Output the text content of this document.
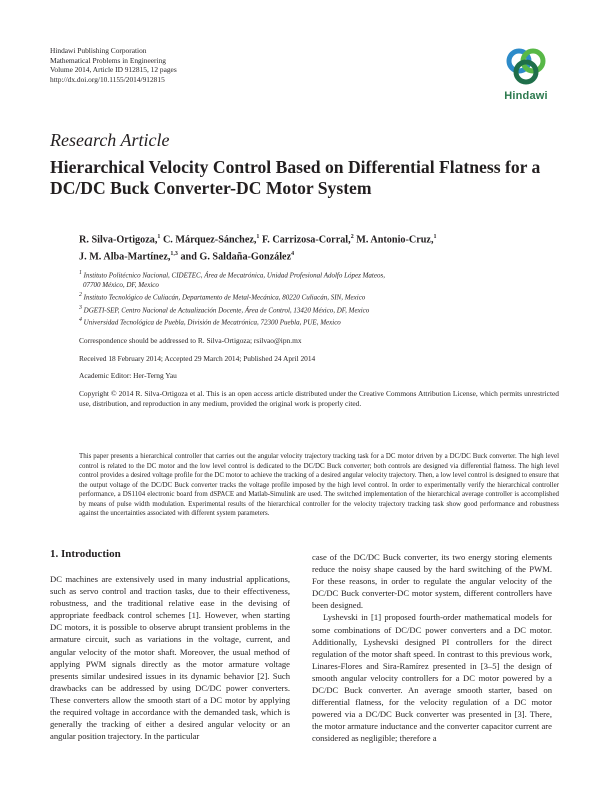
Hindawi Publishing Corporation
Mathematical Problems in Engineering
Volume 2014, Article ID 912815, 12 pages
http://dx.doi.org/10.1155/2014/912815
Hindawi
Research Article
Hierarchical Velocity Control Based on Differential Flatness for a DC/DC Buck Converter-DC Motor System
R. Silva-Ortigoza,$^1$ C. Márquez-Sánchez,$^1$ F. Carrizosa-Corral,$^2$ M. Antonio-Cruz,$^1$
J. M. Alba-Martínez,$^{1,3}$ and G. Saldaña-González$^4$
$^1$ Instituto Politécnico Nacional, CIDETEC, Área de Mecatrónica, Unidad Profesional Adolfo López Mateos,
07700 México, DF, Mexico
$^2$ Instituto Tecnológico de Culiacán, Departamento de Metal-Mecánica, 80220 Culiacán, SIN, Mexico
$^3$ DGETI-SEP, Centro Nacional de Actualización Docente, Área de Control, 13420 México, DF, Mexico
$^4$ Universidad Tecnológica de Puebla, División de Mecatrónica, 72300 Puebla, PUE, Mexico
Correspondence should be addressed to R. Silva-Ortigoza; rsilvao@ipn.mx
Received 18 February 2014; Accepted 29 March 2014; Published 24 April 2014
Academic Editor: Her-Terng Yau
Copyright © 2014 R. Silva-Ortigoza et al. This is an open access article distributed under the Creative Commons Attribution License, which permits unrestricted use, distribution, and reproduction in any medium, provided the original work is properly cited.
This paper presents a hierarchical controller that carries out the angular velocity trajectory tracking task for a DC motor driven by a DC/DC Buck converter. The high level control is related to the DC motor and the low level control is dedicated to the DC/DC Buck converter; both controls are designed via differential flatness. The high level control provides a desired voltage profile for the DC motor to achieve the tracking of a desired angular velocity trajectory. Then, a low level control is designed to ensure that the output voltage of the DC/DC Buck converter tracks the voltage profile imposed by the high level control. In order to experimentally verify the hierarchical controller performance, a DS1104 electronic board from dSPACE and Matlab-Simulink are used. The switched implementation of the hierarchical average controller is accomplished by means of pulse width modulation. Experimental results of the hierarchical controller for the velocity trajectory tracking task show good performance and robustness against the uncertainties associated with different system parameters.
1. Introduction

DC machines are extensively used in many industrial applications, such as servo control and traction tasks, due to their effectiveness, robustness, and the traditional relative ease in the devising of appropriate feedback control schemes [1]. However, when starting DC motors, it is possible to observe abrupt transient problems in the armature circuit, such as variations in the voltage, current, and angular velocity of the motor shaft. Moreover, the usual method of applying PWM signals directly as the motor armature voltage presents similar undesired issues in its dynamic behavior [2]. Such drawbacks can be addressed by using DC/DC power converters. These converters allow the smooth start of a DC motor by applying the required voltage in accordance with the demanded task, which is generally the tracking of either a desired angular velocity or an angular position trajectory. In the particular

case of the DC/DC Buck converter, its two energy storing elements reduce the noisy shape caused by the hard switching of the PWM. For these reasons, in order to regulate the angular velocity of the DC/DC Buck converter-DC motor system, different controllers have been designed.

Lyshevski in [1] proposed fourth-order mathematical models for some combinations of DC/DC power converters and a DC motor. Additionally, Lyshevski designed PI controllers for the direct regulation of the motor shaft speed. In contrast to this previous work, Linares-Flores and Sira-Ramírez presented in [3–5] the design of smooth angular velocity controllers for a DC motor powered by a DC/DC Buck converter. An average smooth starter, based on differential flatness, for the velocity regulation of a DC motor powered via a DC/DC Buck converter was presented in [3]. There, the motor armature inductance and the converter capacitor current are considered as negligible; therefore a
